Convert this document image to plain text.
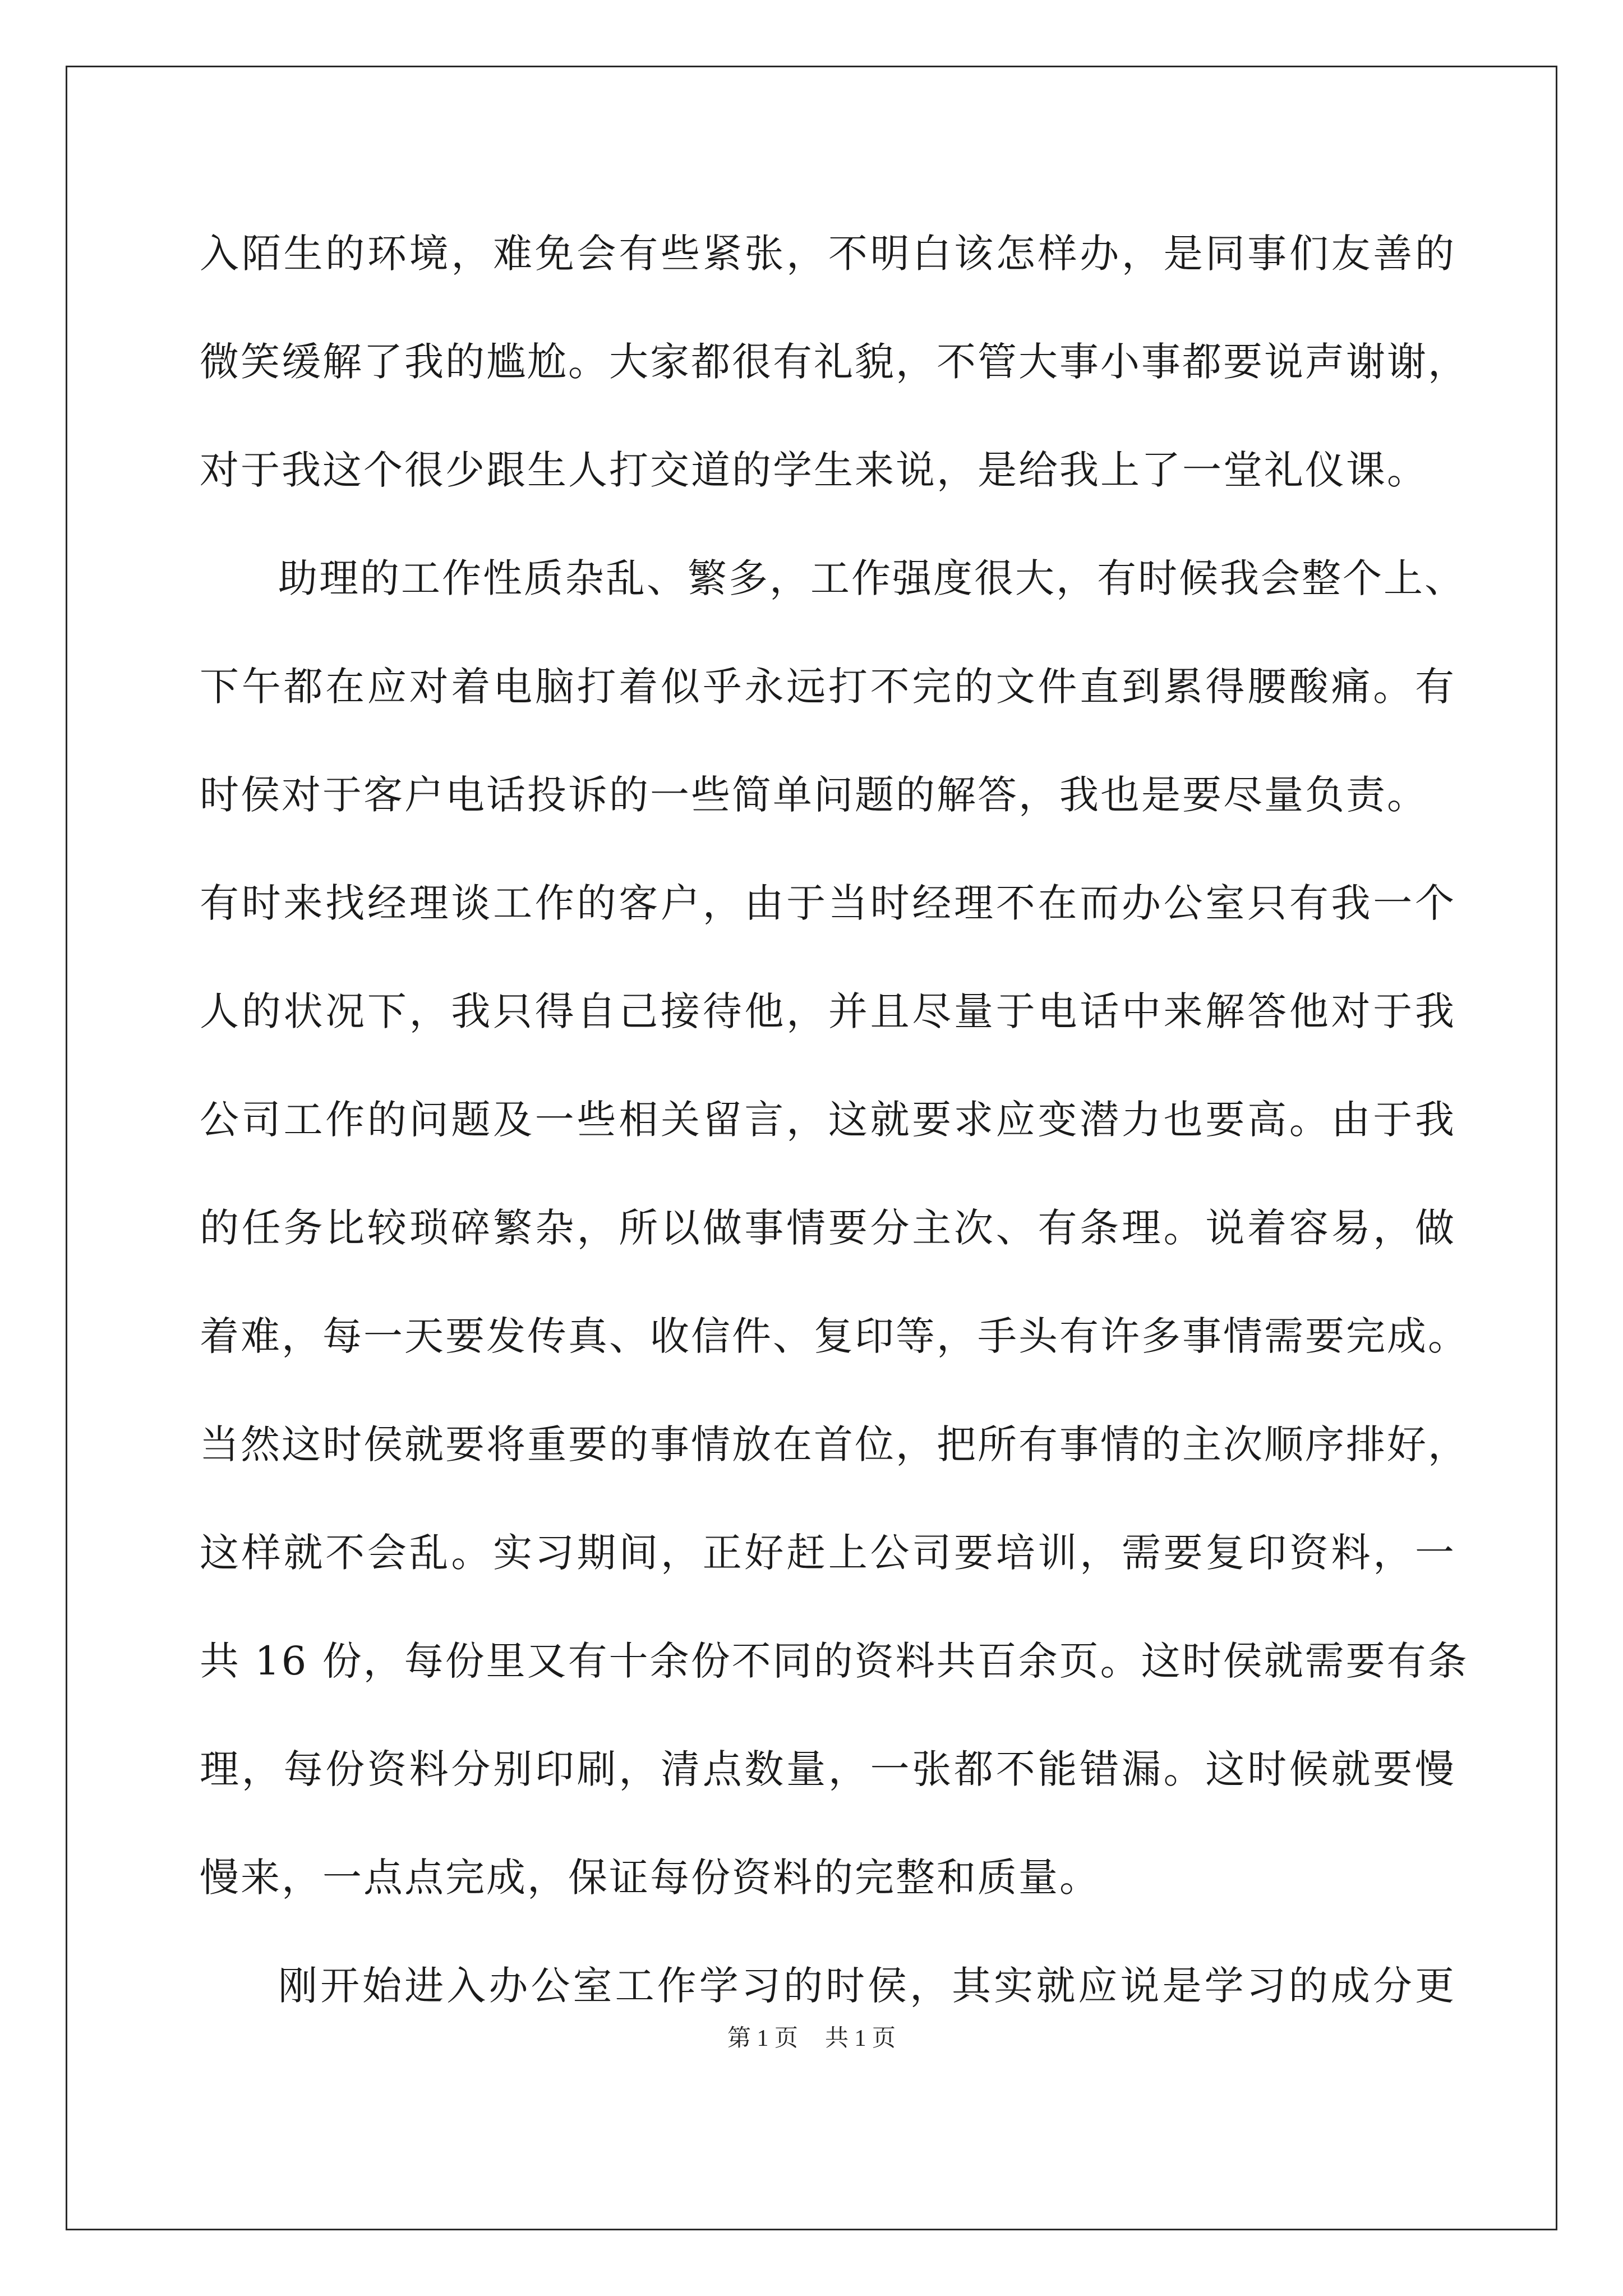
入陌生的环境，难免会有些紧张，不明白该怎样办，是同事们友善的
微笑缓解了我的尴尬。大家都很有礼貌，不管大事小事都要说声谢谢，
对于我这个很少跟生人打交道的学生来说，是给我上了一堂礼仪课。
助理的工作性质杂乱、繁多，工作强度很大，有时候我会整个上、
下午都在应对着电脑打着似乎永远打不完的文件直到累得腰酸痛。有
时侯对于客户电话投诉的一些简单问题的解答，我也是要尽量负责。
有时来找经理谈工作的客户，由于当时经理不在而办公室只有我一个
人的状况下，我只得自己接待他，并且尽量于电话中来解答他对于我
公司工作的问题及一些相关留言，这就要求应变潜力也要高。由于我
的任务比较琐碎繁杂，所以做事情要分主次、有条理。说着容易，做
着难，每一天要发传真、收信件、复印等，手头有许多事情需要完成。
当然这时侯就要将重要的事情放在首位，把所有事情的主次顺序排好，
这样就不会乱。实习期间，正好赶上公司要培训，需要复印资料，一
共 16 份，每份里又有十余份不同的资料共百余页。这时侯就需要有条
理，每份资料分别印刷，清点数量，一张都不能错漏。这时候就要慢
慢来，一点点完成，保证每份资料的完整和质量。
刚开始进入办公室工作学习的时侯，其实就应说是学习的成分更
第 1 页 共 1 页
